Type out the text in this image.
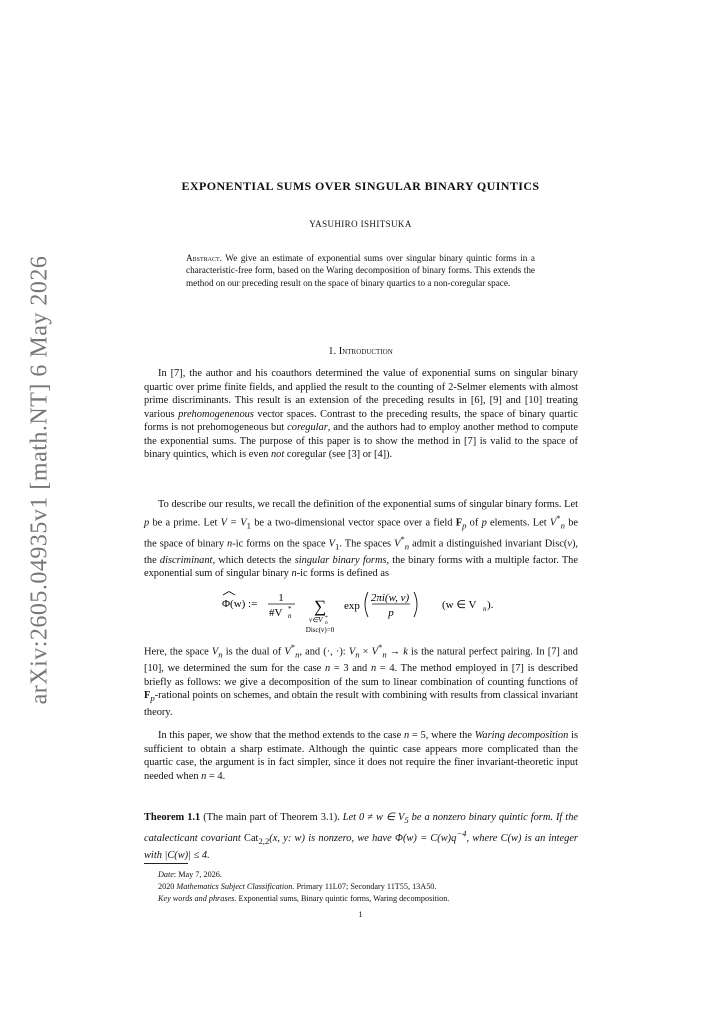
arXiv:2605.04935v1 [math.NT] 6 May 2026
EXPONENTIAL SUMS OVER SINGULAR BINARY QUINTICS
YASUHIRO ISHITSUKA
Abstract. We give an estimate of exponential sums over singular binary quintic forms in a characteristic-free form, based on the Waring decomposition of binary forms. This extends the method on our preceding result on the space of binary quartics to a non-coregular space.
1. Introduction

In [7], the author and his coauthors determined the value of exponential sums on singular binary quartic over prime finite fields, and applied the result to the counting of 2-Selmer elements with almost prime discriminants. This result is an extension of the preceding results in [6], [9] and [10] treating various prehomogenenous vector spaces. Contrast to the preceding results, the space of binary quartic forms is not prehomogeneous but coregular, and the authors had to employ another method to compute the exponential sums. The purpose of this paper is to show the method in [7] is valid to the space of binary quintics, which is even not coregular (see [3] or [4]).

To describe our results, we recall the definition of the exponential sums of singular binary forms. Let p be a prime. Let $V = V_1$ be a two-dimensional vector space over a field $F_p$ of p elements. Let $V^*_n$ be the space of binary n-ic forms on the space $V_1$. The spaces $V^*_n$ admit a distinguished invariant Disc(v), the discriminant, which detects the singular binary forms, the binary forms with a multiple factor. The exponential sum of singular binary n-ic forms is defined as

Φ(w) := 1
#V *
n ∑
v∈V *
n
Disc(v)=0
exp
2πi(w, v)
p
(w ∈ V n ).

Here, the space $V_n$ is the dual of $V^*_n$, and (·, ·): $V_n \times V^*_n \to k$ is the natural perfect pairing. In [7] and [10], we determined the sum for the case n = 3 and n = 4. The method employed in [7] is described briefly as follows: we give a decomposition of the sum to linear combination of counting functions of $F_p$-rational points on schemes, and obtain the result with combining with results from classical invariant theory.

In this paper, we show that the method extends to the case n = 5, where the Waring decomposition is sufficient to obtain a sharp estimate. Although the quintic case appears more complicated than the quartic case, the argument is in fact simpler, since it does not require the finer invariant-theoretic input needed when n = 4.

Theorem 1.1 (The main part of Theorem 3.1). Let 0 ≠ w ∈ $V_5$ be a nonzero binary quintic form. If the catalecticant covariant Cat$_{2,2}$(x, y: w) is nonzero, we have $\Phi(w) = C(w)q^{-4}$, where C(w) is an integer with |C(w)| ≤ 4.

Date: May 7, 2026.
2020 Mathematics Subject Classification. Primary 11L07; Secondary 11T55, 13A50.
Key words and phrases. Exponential sums, Binary quintic forms, Waring decomposition.
1
